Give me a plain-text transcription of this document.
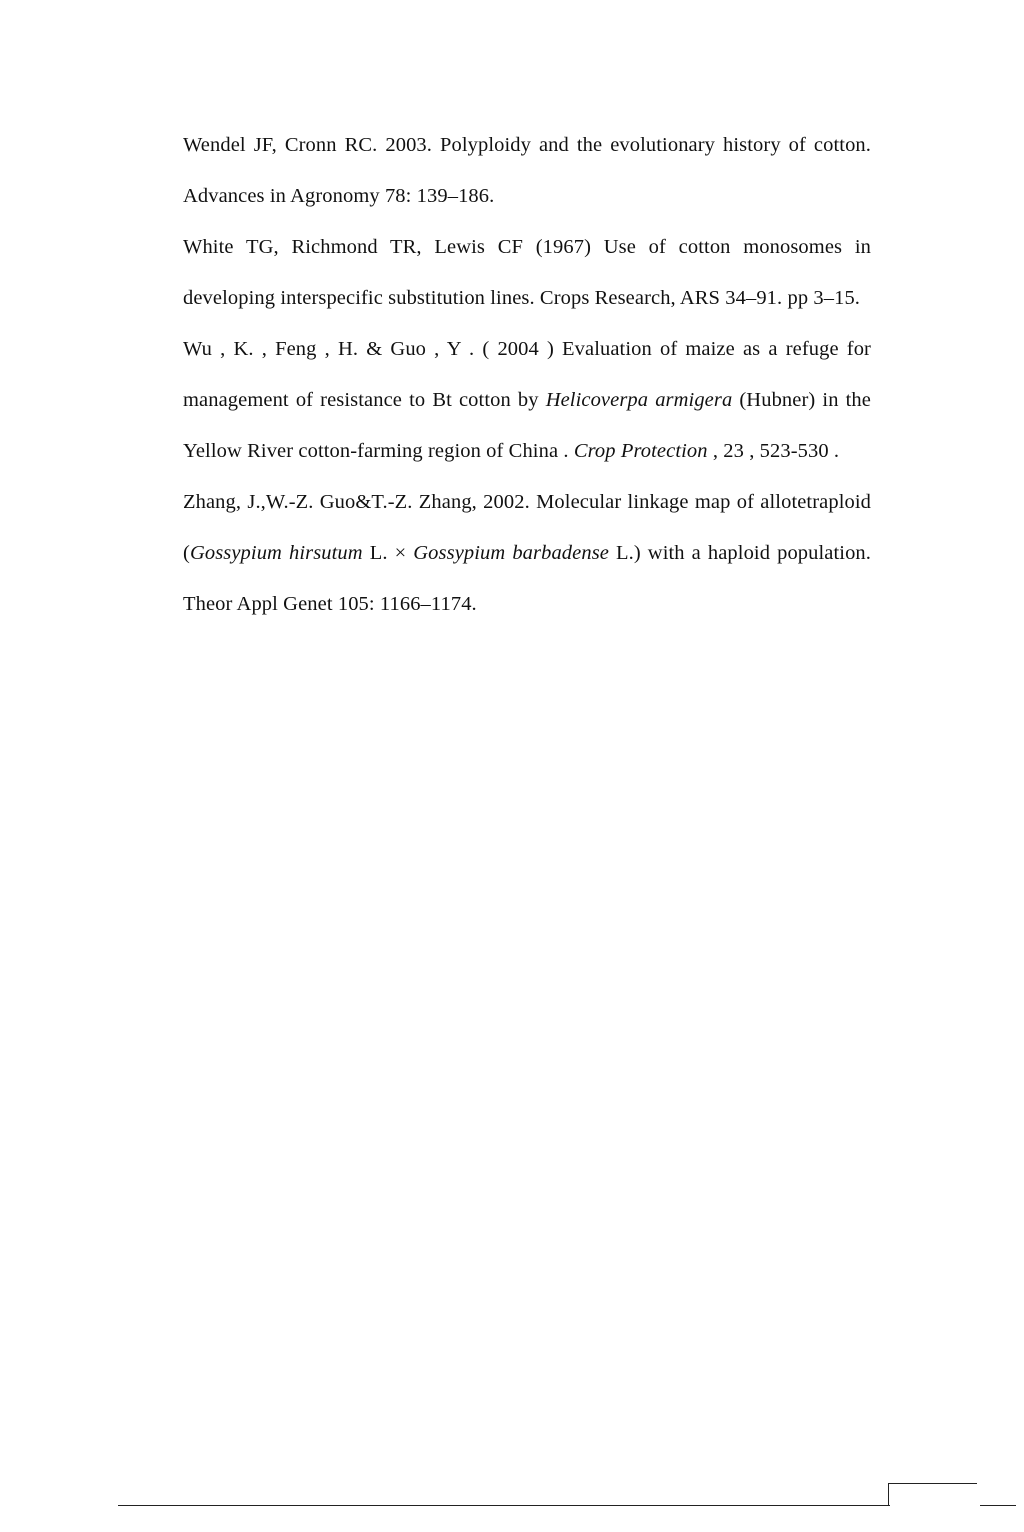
Wendel JF, Cronn RC. 2003. Polyploidy and the evolutionary history of cotton. Advances in Agronomy 78: 139–186.

White TG, Richmond TR, Lewis CF (1967) Use of cotton monosomes in developing interspecific substitution lines. Crops Research, ARS 34–91. pp 3–15.

Wu , K. , Feng , H. & Guo , Y . ( 2004 ) Evaluation of maize as a refuge for management of resistance to Bt cotton by Helicoverpa armigera (Hubner) in the Yellow River cotton-farming region of China . Crop Protection , 23 , 523-530 .

Zhang, J.,W.-Z. Guo&T.-Z. Zhang, 2002. Molecular linkage map of allotetraploid (Gossypium hirsutum L. × Gossypium barbadense L.) with a haploid population. Theor Appl Genet 105: 1166–1174.
